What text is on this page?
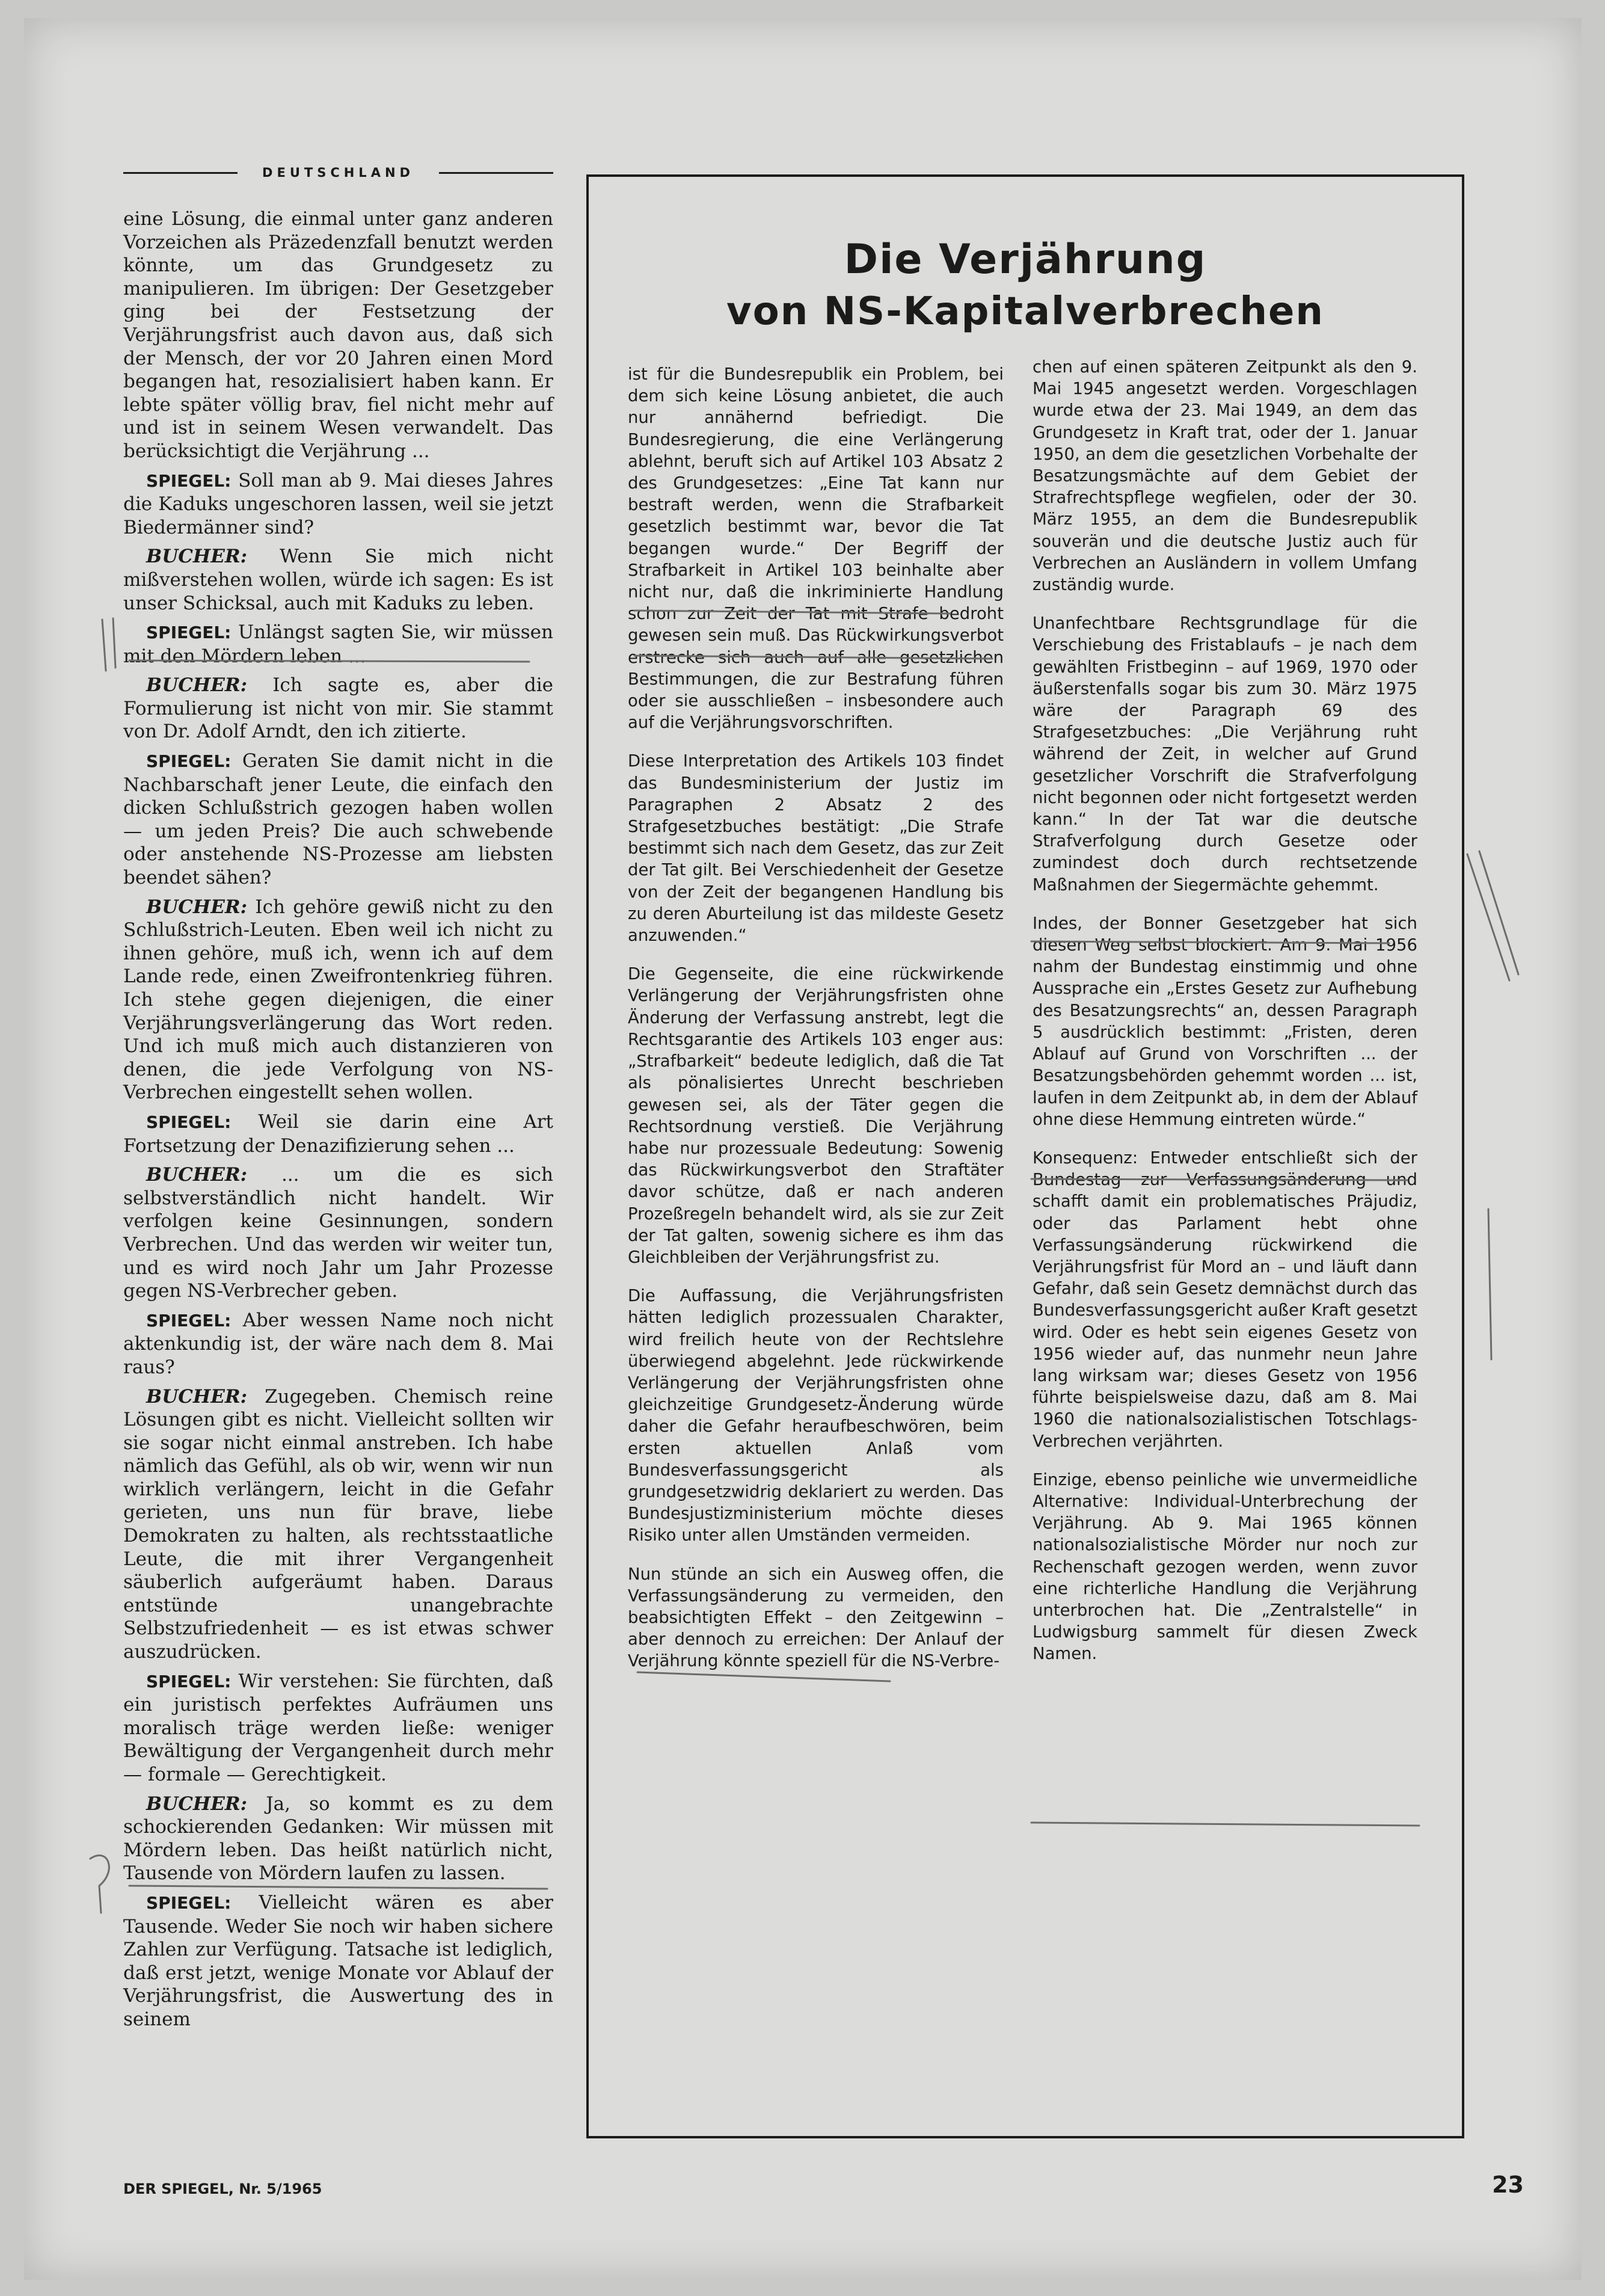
DEUTSCHLAND

eine Lösung, die einmal unter ganz anderen Vorzeichen als Präzedenzfall benutzt werden könnte, um das Grundgesetz zu manipulieren. Im übrigen: Der Gesetzgeber ging bei der Festsetzung der Verjährungsfrist auch davon aus, daß sich der Mensch, der vor 20 Jahren einen Mord begangen hat, resozialisiert haben kann. Er lebte später völlig brav, fiel nicht mehr auf und ist in seinem Wesen verwandelt. Das berücksichtigt die Verjährung ...

SPIEGEL: Soll man ab 9. Mai dieses Jahres die Kaduks ungeschoren lassen, weil sie jetzt Biedermänner sind?

BUCHER: Wenn Sie mich nicht mißverstehen wollen, würde ich sagen: Es ist unser Schicksal, auch mit Kaduks zu leben.

SPIEGEL: Unlängst sagten Sie, wir müssen mit den Mördern leben ...

BUCHER: Ich sagte es, aber die Formulierung ist nicht von mir. Sie stammt von Dr. Adolf Arndt, den ich zitierte.

SPIEGEL: Geraten Sie damit nicht in die Nachbarschaft jener Leute, die einfach den dicken Schlußstrich gezogen haben wollen — um jeden Preis? Die auch schwebende oder anstehende NS-Prozesse am liebsten beendet sähen?

BUCHER: Ich gehöre gewiß nicht zu den Schlußstrich-Leuten. Eben weil ich nicht zu ihnen gehöre, muß ich, wenn ich auf dem Lande rede, einen Zweifrontenkrieg führen. Ich stehe gegen diejenigen, die einer Verjährungsverlängerung das Wort reden. Und ich muß mich auch distanzieren von denen, die jede Verfolgung von NS-Verbrechen eingestellt sehen wollen.

SPIEGEL: Weil sie darin eine Art Fortsetzung der Denazifizierung sehen ...

BUCHER: ... um die es sich selbstverständlich nicht handelt. Wir verfolgen keine Gesinnungen, sondern Verbrechen. Und das werden wir weiter tun, und es wird noch Jahr um Jahr Prozesse gegen NS-Verbrecher geben.

SPIEGEL: Aber wessen Name noch nicht aktenkundig ist, der wäre nach dem 8. Mai raus?

BUCHER: Zugegeben. Chemisch reine Lösungen gibt es nicht. Vielleicht sollten wir sie sogar nicht einmal anstreben. Ich habe nämlich das Gefühl, als ob wir, wenn wir nun wirklich verlängern, leicht in die Gefahr gerieten, uns nun für brave, liebe Demokraten zu halten, als rechtsstaatliche Leute, die mit ihrer Vergangenheit säuberlich aufgeräumt haben. Daraus entstünde unangebrachte Selbstzufriedenheit — es ist etwas schwer auszudrücken.

SPIEGEL: Wir verstehen: Sie fürchten, daß ein juristisch perfektes Aufräumen uns moralisch träge werden ließe: weniger Bewältigung der Vergangenheit durch mehr — formale — Gerechtigkeit.

BUCHER: Ja, so kommt es zu dem schockierenden Gedanken: Wir müssen mit Mördern leben. Das heißt natürlich nicht, Tausende von Mördern laufen zu lassen.

SPIEGEL: Vielleicht wären es aber Tausende. Weder Sie noch wir haben sichere Zahlen zur Verfügung. Tatsache ist lediglich, daß erst jetzt, wenige Monate vor Ablauf der Verjährungsfrist, die Auswertung des in seinem

Die Verjährung
von NS-Kapitalverbrechen

ist für die Bundesrepublik ein Problem, bei dem sich keine Lösung anbietet, die auch nur annähernd befriedigt. Die Bundesregierung, die eine Verlängerung ablehnt, beruft sich auf Artikel 103 Absatz 2 des Grundgesetzes: „Eine Tat kann nur bestraft werden, wenn die Strafbarkeit gesetzlich bestimmt war, bevor die Tat begangen wurde.“ Der Begriff der Strafbarkeit in Artikel 103 beinhalte aber nicht nur, daß die inkriminierte Handlung schon zur Zeit der Tat mit Strafe bedroht gewesen sein muß. Das Rückwirkungsverbot erstrecke sich auch auf alle gesetzlichen Bestimmungen, die zur Bestrafung führen oder sie ausschließen – insbesondere auch auf die Verjährungsvorschriften.

Diese Interpretation des Artikels 103 findet das Bundesministerium der Justiz im Paragraphen 2 Absatz 2 des Strafgesetzbuches bestätigt: „Die Strafe bestimmt sich nach dem Gesetz, das zur Zeit der Tat gilt. Bei Verschiedenheit der Gesetze von der Zeit der begangenen Handlung bis zu deren Aburteilung ist das mildeste Gesetz anzuwenden.“

Die Gegenseite, die eine rückwirkende Verlängerung der Verjährungsfristen ohne Änderung der Verfassung anstrebt, legt die Rechtsgarantie des Artikels 103 enger aus: „Strafbarkeit“ bedeute lediglich, daß die Tat als pönalisiertes Unrecht beschrieben gewesen sei, als der Täter gegen die Rechtsordnung verstieß. Die Verjährung habe nur prozessuale Bedeutung: Sowenig das Rückwirkungsverbot den Straftäter davor schütze, daß er nach anderen Prozeßregeln behandelt wird, als sie zur Zeit der Tat galten, sowenig sichere es ihm das Gleichbleiben der Verjährungsfrist zu.

Die Auffassung, die Verjährungsfristen hätten lediglich prozessualen Charakter, wird freilich heute von der Rechtslehre überwiegend abgelehnt. Jede rückwirkende Verlängerung der Verjährungsfristen ohne gleichzeitige Grundgesetz-Änderung würde daher die Gefahr heraufbeschwören, beim ersten aktuellen Anlaß vom Bundesverfassungsgericht als grundgesetzwidrig deklariert zu werden. Das Bundesjustizministerium möchte dieses Risiko unter allen Umständen vermeiden.

Nun stünde an sich ein Ausweg offen, die Verfassungsänderung zu vermeiden, den beabsichtigten Effekt – den Zeitgewinn – aber dennoch zu erreichen: Der Anlauf der Verjährung könnte speziell für die NS-Verbre-

chen auf einen späteren Zeitpunkt als den 9. Mai 1945 angesetzt werden. Vorgeschlagen wurde etwa der 23. Mai 1949, an dem das Grundgesetz in Kraft trat, oder der 1. Januar 1950, an dem die gesetzlichen Vorbehalte der Besatzungsmächte auf dem Gebiet der Strafrechtspflege wegfielen, oder der 30. März 1955, an dem die Bundesrepublik souverän und die deutsche Justiz auch für Verbrechen an Ausländern in vollem Umfang zuständig wurde.

Unanfechtbare Rechtsgrundlage für die Verschiebung des Fristablaufs – je nach dem gewählten Fristbeginn – auf 1969, 1970 oder äußerstenfalls sogar bis zum 30. März 1975 wäre der Paragraph 69 des Strafgesetzbuches: „Die Verjährung ruht während der Zeit, in welcher auf Grund gesetzlicher Vorschrift die Strafverfolgung nicht begonnen oder nicht fortgesetzt werden kann.“ In der Tat war die deutsche Strafverfolgung durch Gesetze oder zumindest doch durch rechtsetzende Maßnahmen der Siegermächte gehemmt.

Indes, der Bonner Gesetzgeber hat sich diesen Weg selbst blockiert. Am 9. Mai 1956 nahm der Bundestag einstimmig und ohne Aussprache ein „Erstes Gesetz zur Aufhebung des Besatzungsrechts“ an, dessen Paragraph 5 ausdrücklich bestimmt: „Fristen, deren Ablauf auf Grund von Vorschriften ... der Besatzungsbehörden gehemmt worden ... ist, laufen in dem Zeitpunkt ab, in dem der Ablauf ohne diese Hemmung eintreten würde.“

Konsequenz: Entweder entschließt sich der Bundestag zur Verfassungsänderung und schafft damit ein problematisches Präjudiz, oder das Parlament hebt ohne Verfassungsänderung rückwirkend die Verjährungsfrist für Mord an – und läuft dann Gefahr, daß sein Gesetz demnächst durch das Bundesverfassungsgericht außer Kraft gesetzt wird. Oder es hebt sein eigenes Gesetz von 1956 wieder auf, das nunmehr neun Jahre lang wirksam war; dieses Gesetz von 1956 führte beispielsweise dazu, daß am 8. Mai 1960 die nationalsozialistischen Totschlags-Verbrechen verjährten.

Einzige, ebenso peinliche wie unvermeidliche Alternative: Individual-Unterbrechung der Verjährung. Ab 9. Mai 1965 können nationalsozialistische Mörder nur noch zur Rechenschaft gezogen werden, wenn zuvor eine richterliche Handlung die Verjährung unterbrochen hat. Die „Zentralstelle“ in Ludwigsburg sammelt für diesen Zweck Namen.

DER SPIEGEL, Nr. 5/1965	23
